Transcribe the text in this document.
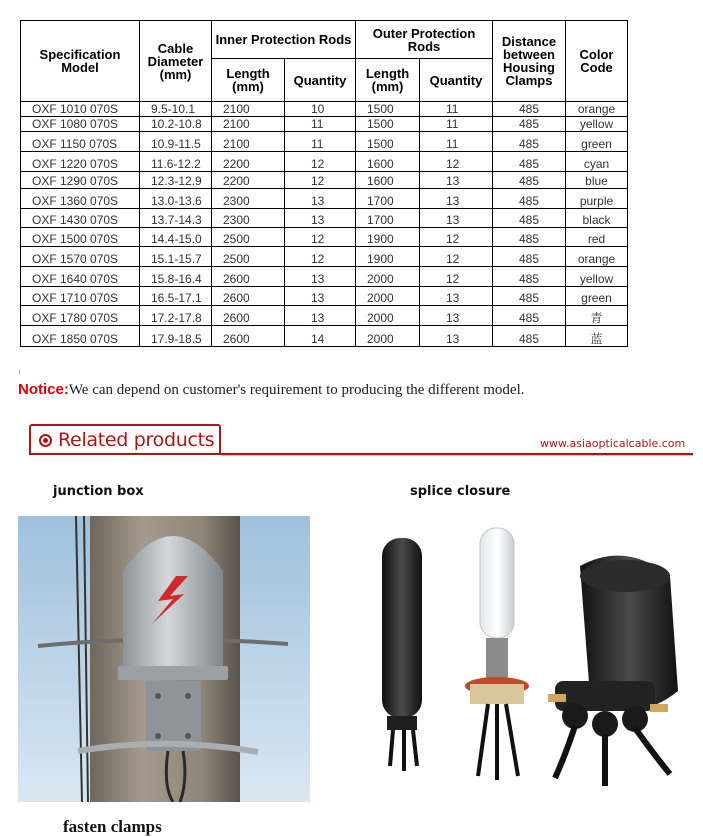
Specification Model	Cable Diameter (mm)	Inner Protection Rods		Outer Protection Rods		Distance between Housing Clamps	Color Code
		Length (mm)	Quantity	Length (mm)	Quantity		
OXF 1010 070S	9.5-10.1	2100	10	1500	11	485	orange
OXF 1080 070S	10.2-10.8	2100	11	1500	11	485	yellow
OXF 1150 070S	10.9-11.5	2100	11	1500	11	485	green
OXF 1220 070S	11.6-12.2	2200	12	1600	12	485	cyan
OXF 1290 070S	12.3-12.9	2200	12	1600	13	485	blue
OXF 1360 070S	13.0-13.6	2300	13	1700	13	485	purple
OXF 1430 070S	13.7-14.3	2300	13	1700	13	485	black
OXF 1500 070S	14.4-15.0	2500	12	1900	12	485	red
OXF 1570 070S	15.1-15.7	2500	12	1900	12	485	orange
OXF 1640 070S	15.8-16.4	2600	13	2000	12	485	yellow
OXF 1710 070S	16.5-17.1	2600	13	2000	13	485	green
OXF 1780 070S	17.2-17.8	2600	13	2000	13	485	青
OXF 1850 070S	17.9-18.5	2600	14	2000	13	485	蓝
Notice:We can depend on customer's requirement to producing the different model.
Related products	www.asiaopticalcable.com
junction box	splice closure
fasten clamps
